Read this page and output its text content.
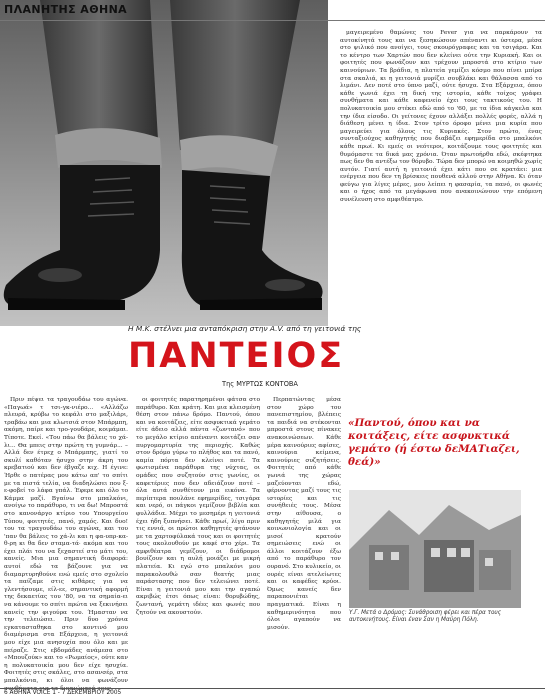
ΠΛΑΝΗΤΗΣ ΑΘΗΝΑ
Η Μ.Κ. στέλνει μια ανταπόκριση στην A.V. από τη γειτονιά της
ΠΑΝΤΕΙΟΣ
Της ΜΥΡΤΩΣ ΚΟΝΤΟΒΑ

Πριν πέψει τα τραγουδάω του αγώνα. «Παγωά» τ τσι-γκ-νιέρο... «Αλλάζω πλευρά, κρύβω το κεφάλι στο μαξιλάρι, τραβάω και μια κλωτσιά στον Μπάρμπη, ακόμη, παίρε και τρο-γουδάρε, κοιμάμαι. Τίποτε. Εκεί. «Του πάω θα βάλεις το χά-λι... Θα μπεις στην πρώτη τη γυμνάρ... – Αλλά δεν έτρεχ ο Μπάρμπης, γιατί το σκυλί καθόταν ήσυχο στην άκρη του κρεβατιού και δεν έβγαζε κιχ. Η έγινε: Ήρθε ο πατέρας μου κάτω απ' το σπίτι με τα πιστά τελία, να διαδηλώσει που ξ-ε-φοβεί το λάφα γπάλ. Έφερε και όλο το Κάμμα μαζί. Βγαίνω στο μπαλκόνι, ανοίγω το παράθυρο, τι να δω! Μπροστά στο κανονάργο κτίριο του Υπουργείου Τύπου, φοιτητές, πανό, χαμός. Και δυο! του τα τραγουδάω του αγώνα, και του 'παν θα βάλεις το χά-λι και η φα-υπρ-κα-θ-ρη κι θα δεν σταμα-τά· ακόμα και του έχει πλάι του να ξεχαστεί στο μάτι του, κανείς. Μια μια σημαντική διαφορά: αυτοί εδώ τα βάζουνε για να διαμαρτυρηθούνε ενώ εμείς στο σχολείο τα παίζαμε στις κιθάρες για να γλεντήσουμε, είλ-εε, σημαντική αφορμή της δεκαετίας του '80, να τα σημαία-ει να κάνουμε το σπίτι πρώτα να ξεκινήσει κανείς την φιγούρα του. Ήμασταν να την τελειώσει. Πριν δυο χρόνια εγκατασταθηκα στο κοντινό μου διαμέρισμα στα Εξάρχεια, η γειτονιά μου είχε μια ανησυχία που όλο και με πείραζε. Στις εβδομάδες ανάμεσα στο «Μπουζούκ» και το «Ρωμαίος», ούτε καν η πολυκατοικία μου δεν είχε ησυχία. Φοιτητές στις σκάλες, στο ασανσέρ, στα μπαλκόνια, κι όλοι να φωνάζουν

οι φοιτητές παρατηρημένοι φάτσα στο παράθυρο. Και κράτη. Και μια κλεισμένη θέση στον πάνω δρόμο. Παντού, όπου και να κοιτάζεις, είτε ασφυκτικά γεμάτο είτε άδειο αλλά πάντα «ζωντανό» που το μεγάλο κτίριο απέναντι κοιτάζει σαν πυργομαρτυρία της περιοχής. Καθώς στον δρόμο γύρω το πλήθος και τα πανό, καμία πόρτα δεν κλείνει ποτέ. Τα φωτισμένα παράθυρα της νύχτας, οι ομάδες που συζητούν στις γωνίες, οι καφετέριες που δεν αδειάζουν ποτέ – όλα αυτά συνθέτουν μια εικόνα. Τα περίπτερα πουλάνε εφημερίδες, τσιγάρα και νερό, οι πάγκοι γεμίζουν βιβλία και φυλλάδια. Μέχρι το μεσημέρι η γειτονιά έχει ήδη ξυπνήσει. Κάθε πρωί, λίγο πριν τις εννιά, οι πρώτοι καθηγητές φτάνουν με τα χαρτοφύλακά τους και οι φοιτητές τους ακολουθούν με καφέ στο χέρι. Τα αμφιθέατρα γεμίζουν, οι διάδρομοι βουίζουν και η αυλή μοιάζει με μικρή πλατεία. Κι εγώ στο μπαλκόνι μου παρακολουθώ σαν θεατής μιας παράστασης που δεν τελειώνει ποτέ. Είναι η γειτονιά μου και την αγαπώ ακριβώς έτσι όπως είναι: θορυβώδης, ζωντανή, γεμάτη ιδέες και φωνές που ζητούν να ακουστούν.

μαγειρεμένο θαμώνες του Fever για να παρκάρουν τα αυτοκίνητά τους και να ξεσηκώσουν απέναντι κι ύστερα, μέσα στο ψιλικό που ανοίγει, τους σκουρόγραφες και τα τσιγάρα. Και το κέντρο των Χαρτών που δεν κλείνει ούτε την Κυριακή. Και οι φοιτητές που φωνάζουν και τρέχουν μπροστά στο κτίριο των καινούριων. Τα βράδια, η πλατεία γεμίζει κόσμο που πίνει μπίρα στα σκαλιά, κι η γειτονιά μυρίζει σουβλάκι και θάλασσα από το λιμάνι. Δεν ποτέ στο ύπνο μαζί, ούτε ήσυχα. Στα Εξάρχεια, όπου κάθε γωνιά έχει τη δική της ιστορία, κάθε τοίχος γράφει συνθήματα και κάθε καφενείο έχει τους τακτικούς του. Η πολυκατοικία μου στέκει εδώ από το '60, με τα ίδια κάγκελα και την ίδια είσοδο. Οι γείτονες έχουν αλλάξει πολλές φορές, αλλά η διάθεση μένει η ίδια. Στον τρίτο όροφο μένει μια κυρία που μαγειρεύει για όλους τις Κυριακές. Στον πρώτο, ένας συνταξιούχος καθηγητής που διαβάζει εφημερίδα στο μπαλκόνι κάθε πρωί. Κι εμείς οι νεότεροι, κοιτάζουμε τους φοιτητές και θυμόμαστε τα δικά μας χρόνια. Όταν πρωτοήρθα εδώ, σκέφτηκα πως δεν θα αντέξω τον θόρυβο. Τώρα δεν μπορώ να κοιμηθώ χωρίς αυτόν. Γιατί αυτή η γειτονιά έχει κάτι που σε κρατάει: μια ενέργεια που δεν τη βρίσκεις πουθενά αλλού στην Αθήνα. Κι όταν φεύγω για λίγες μέρες, μου λείπει η φασαρία, τα πανό, οι φωνές και ο ήχος από τα μεγάφωνα που ανακοινώνουν την επόμενη συνέλευση στο αμφιθέατρο.

Περπατώντας μέσα στον χώρο του πανεπιστημίου, βλέπεις τα παιδιά να στέκονται μπροστά στους πίνακες ανακοινώσεων. Κάθε μέρα καινούριες αφίσες, καινούρια κείμενα, καινούριες συζητήσεις. Φοιτητές από κάθε γωνιά της χώρας μαζεύονται εδώ, φέρνοντας μαζί τους τις ιστορίες και τις συνήθειές τους. Μέσα στην αίθουσα, ο καθηγητής μιλά για κοινωνιολογία και οι μισοί κρατούν σημειώσεις ενώ οι άλλοι κοιτάζουν έξω από το παράθυρο τον ουρανό. Στο κυλικείο, οι ουρές είναι ατελείωτες και οι καφέδες κρύοι. Όμως κανείς δεν παραπονιέται πραγματικά. Είναι η καθημερινότητα που όλοι αγαπούν να μισούν.

«Παντού, όπου και να κοιτάξεις, είτε ασφυκτικά γεμάτο (ή έστω δεΜΑΤιαζει, θεά)»
Υ.Γ. Μετά ο Δρόμος: Συνάθροιση φέρει και πέρα τους αυτοκινήτους. Είναι έναν Σαν η Μαύρη Πόλη.
6 ΑΘΗΝΑ VOICE 1 - 7 ΔΕΚΕΜΒΡΙΟΥ 2005
